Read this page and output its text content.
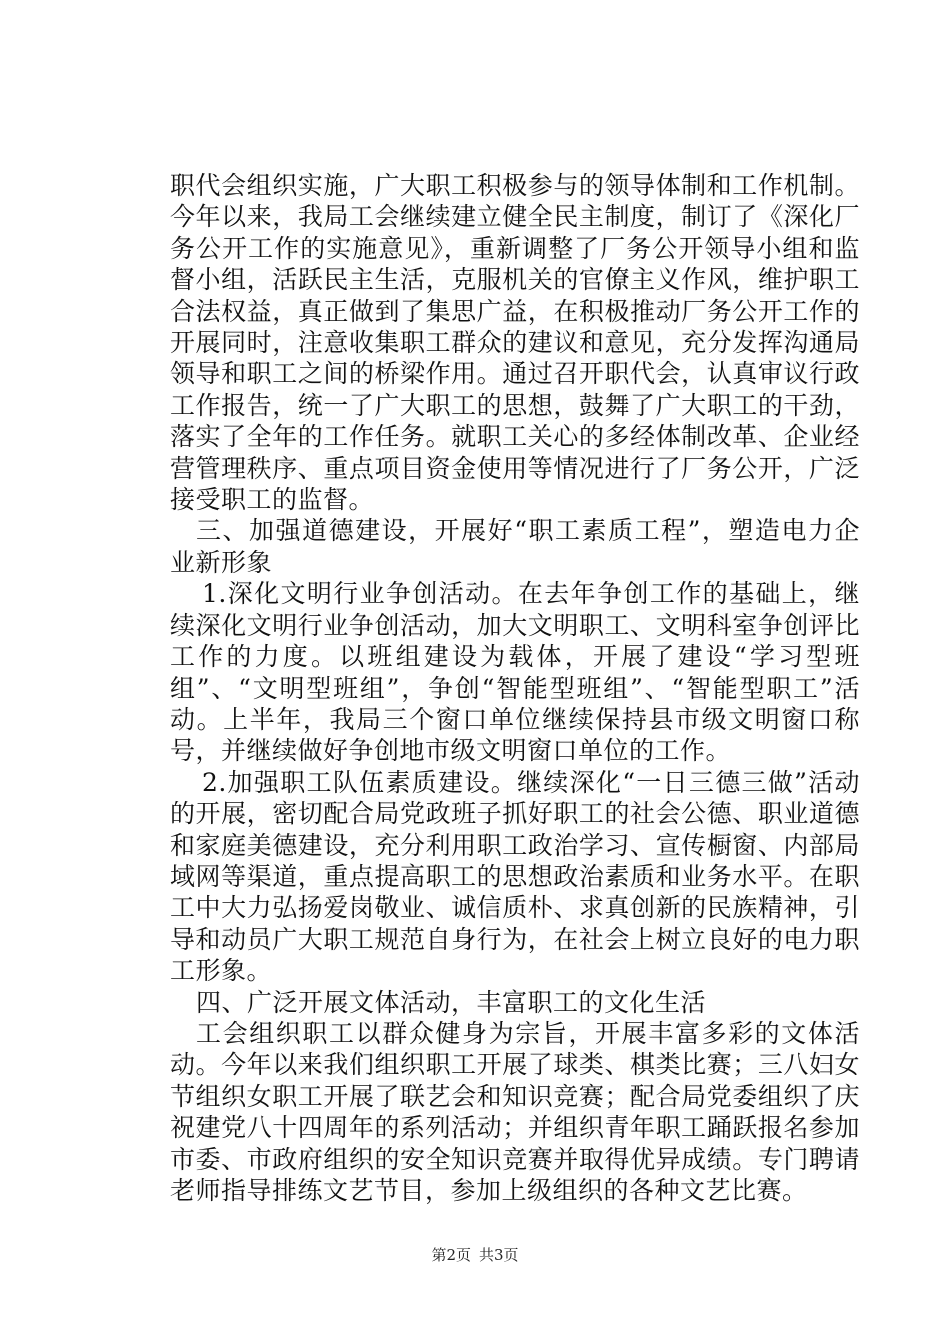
职代会组织实施，广大职工积极参与的领导体制和工作机制。今年以来，我局工会继续建立健全民主制度，制订了《深化厂务公开工作的实施意见》，重新调整了厂务公开领导小组和监督小组，活跃民主生活，克服机关的官僚主义作风，维护职工合法权益，真正做到了集思广益，在积极推动厂务公开工作的开展同时，注意收集职工群众的建议和意见，充分发挥沟通局领导和职工之间的桥梁作用。通过召开职代会，认真审议行政工作报告，统一了广大职工的思想，鼓舞了广大职工的干劲，落实了全年的工作任务。就职工关心的多经体制改革、企业经营管理秩序、重点项目资金使用等情况进行了厂务公开，广泛接受职工的监督。

三、加强道德建设，开展好“职工素质工程”，塑造电力企业新形象

1.深化文明行业争创活动。在去年争创工作的基础上，继续深化文明行业争创活动，加大文明职工、文明科室争创评比工作的力度。以班组建设为载体，开展了建设“学习型班组”、“文明型班组”，争创“智能型班组”、“智能型职工”活动。上半年，我局三个窗口单位继续保持县市级文明窗口称号，并继续做好争创地市级文明窗口单位的工作。

2.加强职工队伍素质建设。继续深化“一日三德三做”活动的开展，密切配合局党政班子抓好职工的社会公德、职业道德和家庭美德建设，充分利用职工政治学习、宣传橱窗、内部局域网等渠道，重点提高职工的思想政治素质和业务水平。在职工中大力弘扬爱岗敬业、诚信质朴、求真创新的民族精神，引导和动员广大职工规范自身行为，在社会上树立良好的电力职工形象。

四、广泛开展文体活动，丰富职工的文化生活

工会组织职工以群众健身为宗旨，开展丰富多彩的文体活动。今年以来我们组织职工开展了球类、棋类比赛；三八妇女节组织女职工开展了联艺会和知识竞赛；配合局党委组织了庆祝建党八十四周年的系列活动；并组织青年职工踊跃报名参加市委、市政府组织的安全知识竞赛并取得优异成绩。专门聘请老师指导排练文艺节目，参加上级组织的各种文艺比赛。

第2页 共3页
